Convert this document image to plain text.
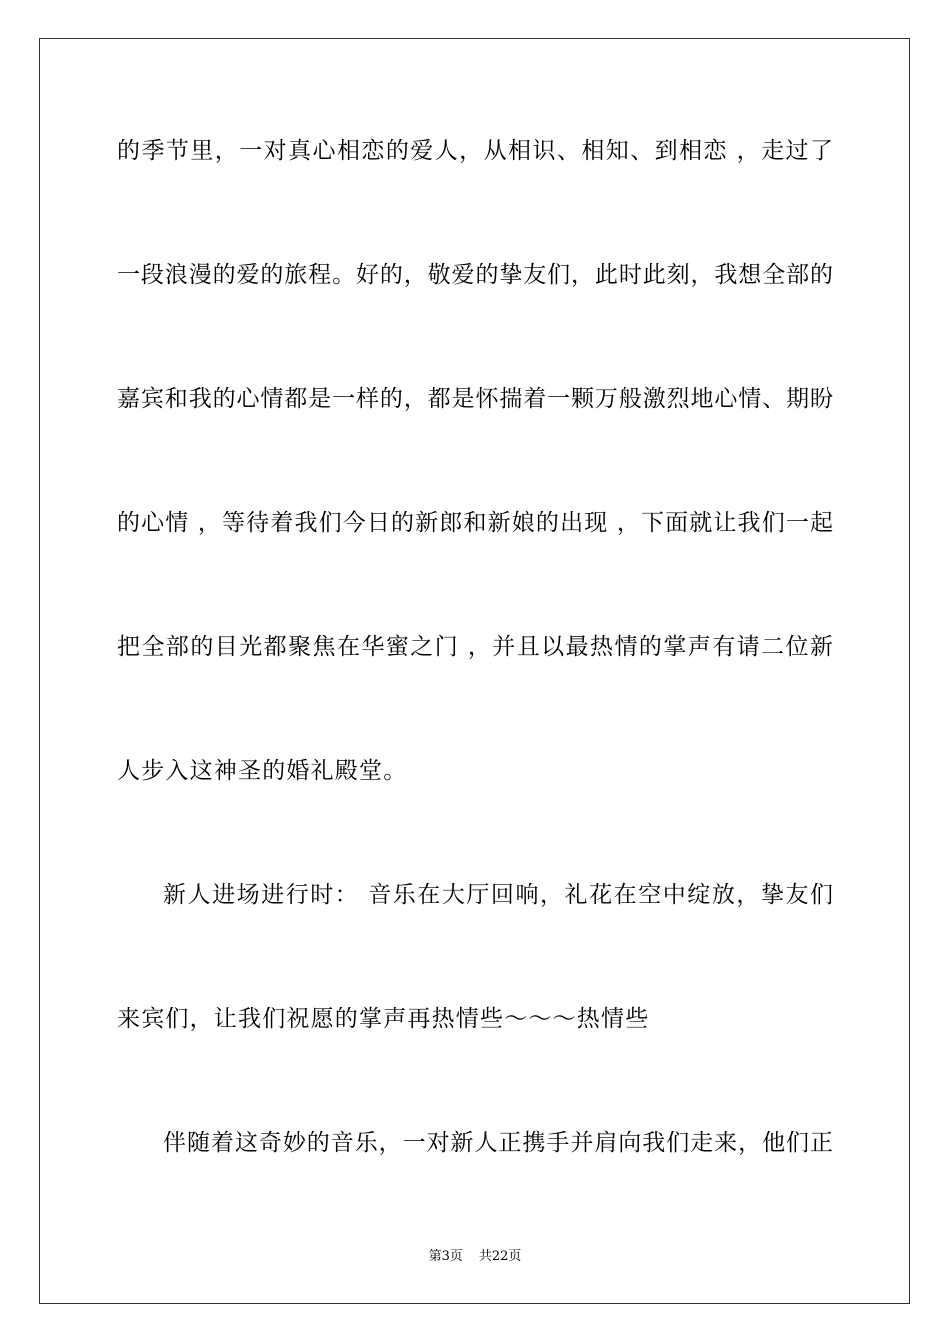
的季节里，一对真心相恋的爱人，从相识、相知、到相恋 ，走过了
一段浪漫的爱的旅程。好的，敬爱的挚友们，此时此刻，我想全部的
嘉宾和我的心情都是一样的，都是怀揣着一颗万般激烈地心情、期盼
的心情 ，等待着我们今日的新郎和新娘的出现 ，下面就让我们一起
把全部的目光都聚焦在华蜜之门 ，并且以最热情的掌声有请二位新
人步入这神圣的婚礼殿堂。
新人进场进行时： 音乐在大厅回响，礼花在空中绽放，挚友们
来宾们，让我们祝愿的掌声再热情些～～～热情些
伴随着这奇妙的音乐，一对新人正携手并肩向我们走来，他们正
第3页 共22页
